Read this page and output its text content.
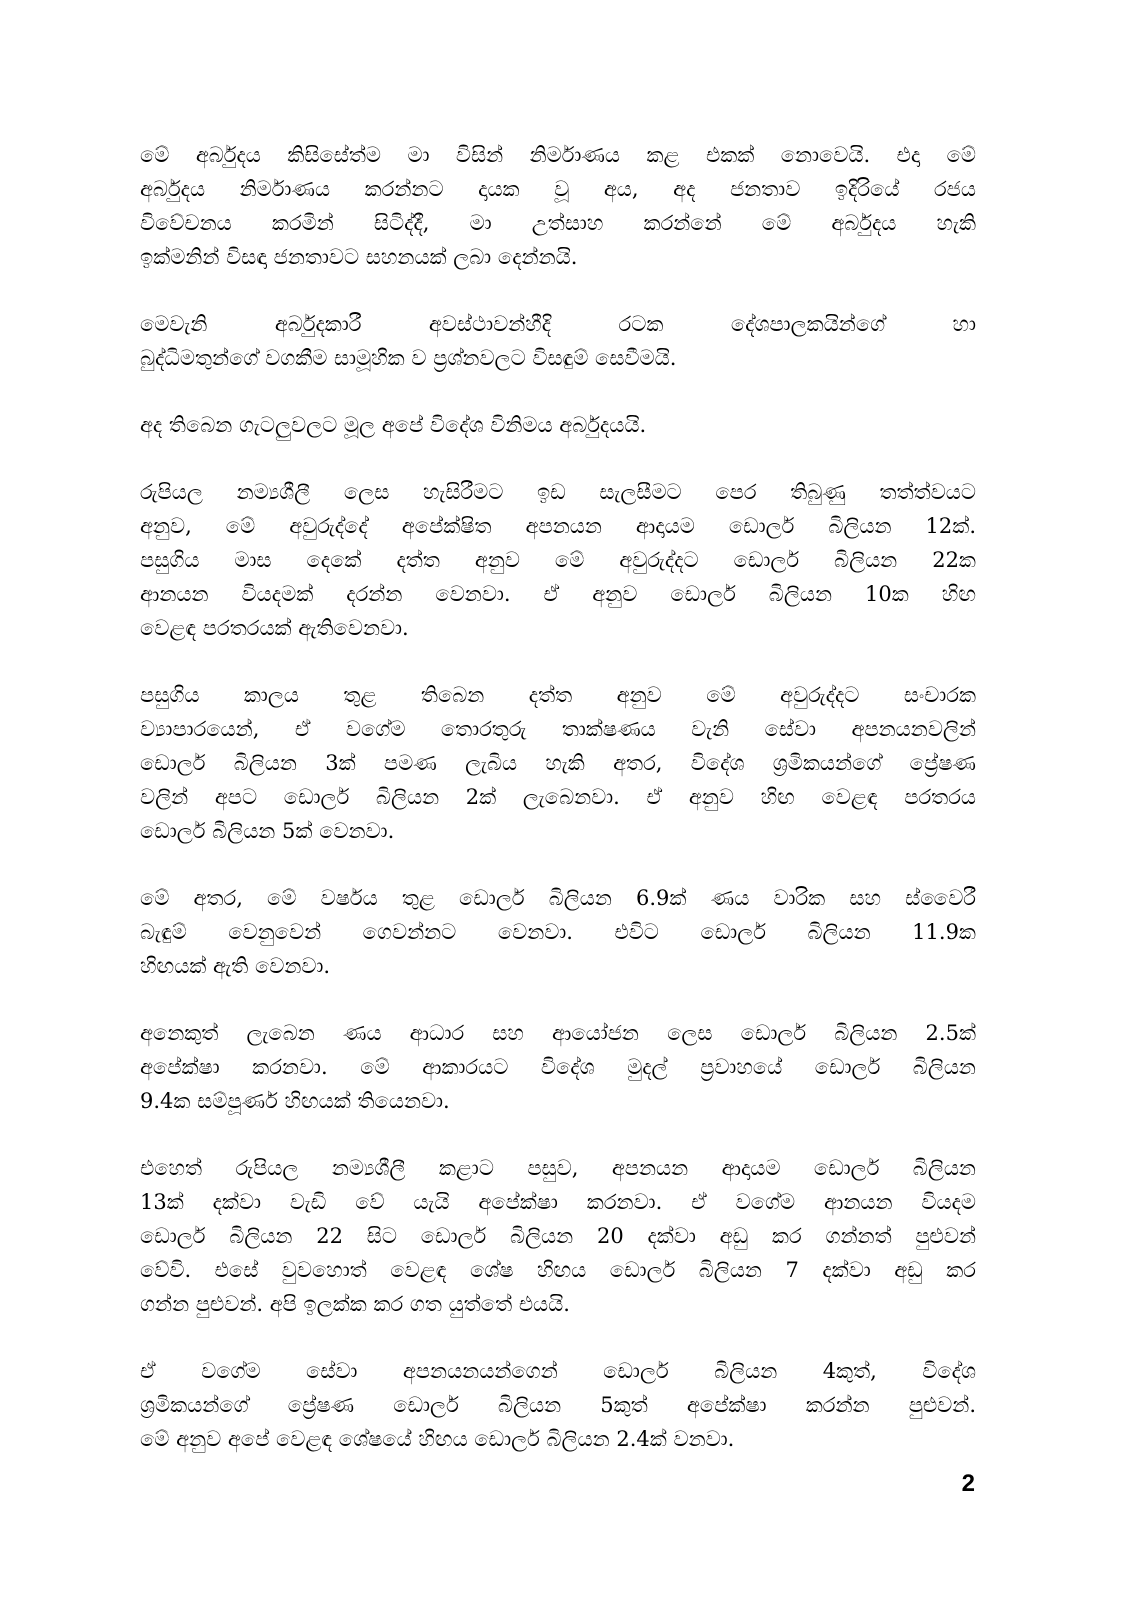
මේ අර්බුදය කිසිසේත්ම මා විසින් නිර්මාණය කළ එකක් නොවෙයි. එදා මේ
අර්බුදය නිර්මාණය කරන්නට දායක වූ අය, අද ජනතාව ඉදිරියේ රජය
විවේචනය කරමින් සිටිද්දී, මා උත්සාහ කරන්නේ මේ අර්බුදය හැකි
ඉක්මනින් විසඳා ජනතාවට සහනයක් ලබා දෙන්නයි.
මෙවැනි අර්බුදකාරී අවස්ථාවන්හීදි රටක දේශපාලකයින්ගේ හා
බුද්ධිමතුන්ගේ වගකීම සාමූහික ව ප්‍රශ්නවලට විසඳුම් සෙවීමයි.
අද තිබෙන ගැටලුවලට මූල අපේ විදේශ විනිමය අර්බුදයයි.
රුපියල නම්‍යශීලී ලෙස හැසිරීමට ඉඩ සැලසීමට පෙර තිබුණු තත්ත්වයට
අනුව, මේ අවුරුද්දේ අපේක්ෂිත අපනයන ආදායම ඩොලර් බිලියන 12ක්.
පසුගිය මාස දෙකේ දත්ත අනුව මේ අවුරුද්දට ඩොලර් බිලියන 22ක
ආනයන වියදමක් දරන්න වෙනවා. ඒ අනුව ඩොලර් බිලියන 10ක හිඟ
වෙළඳ පරතරයක් ඇතිවෙනවා.
පසුගිය කාලය තුළ තිබෙන දත්ත අනුව මේ අවුරුද්දට සංචාරක
ව්‍යාපාරයෙන්, ඒ වගේම තොරතුරු තාක්ෂණය වැනි සේවා අපනයනවලින්
ඩොලර් බිලියන 3ක් පමණ ලැබිය හැකි අතර, විදේශ ශ්‍රමිකයන්ගේ ප්‍රේෂණ
වලින් අපට ඩොලර් බිලියන 2ක් ලැබෙනවා. ඒ අනුව හිඟ වෙළඳ පරතරය
ඩොලර් බිලියන 5ක් වෙනවා.
මේ අතර, මේ වර්ෂය තුළ ඩොලර් බිලියන 6.9ක් ණය වාරික සහ ස්වෛරී
බැඳුම් වෙනුවෙන් ගෙවන්නට වෙනවා. එවිට ඩොලර් බිලියන 11.9ක
හිඟයක් ඇති වෙනවා.
අනෙකුත් ලැබෙන ණය ආධාර සහ ආයෝජන ලෙස ඩොලර් බිලියන 2.5ක්
අපේක්ෂා කරනවා. මේ ආකාරයට විදේශ මුදල් ප්‍රවාහයේ ඩොලර් බිලියන
9.4ක සම්පූර්ණ හිඟයක් තියෙනවා.
එහෙත් රුපියල නම්‍යශීලී කළාට පසුව, අපනයන ආදායම ඩොලර් බිලියන
13ක් දක්වා වැඩි වේ යැයි අපේක්ෂා කරනවා. ඒ වගේම ආනයන වියදම
ඩොලර් බිලියන 22 සිට ඩොලර් බිලියන 20 දක්වා අඩු කර ගන්නත් පුළුවන්
වේවි. එසේ වුවහොත් වෙළඳ ශේෂ හිඟය ඩොලර් බිලියන 7 දක්වා අඩු කර
ගන්න පුළුවන්. අපි ඉලක්ක කර ගත යුත්තේ එයයි.
ඒ වගේම සේවා අපනයනයන්ගෙන් ඩොලර් බිලියන 4කුත්, විදේශ
ශ්‍රමිකයන්ගේ ප්‍රේෂණ ඩොලර් බිලියන 5කුත් අපේක්ෂා කරන්න පුළුවන්.
මේ අනුව අපේ වෙළඳ ශේෂයේ හිඟය ඩොලර් බිලියන 2.4ක් වනවා.
2
